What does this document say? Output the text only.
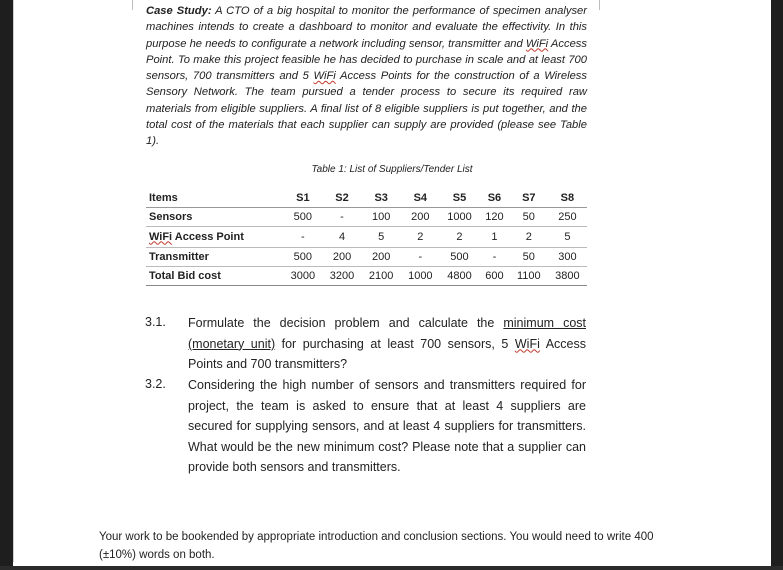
Case Study: A CTO of a big hospital to monitor the performance of specimen analyser machines intends to create a dashboard to monitor and evaluate the effectivity. In this purpose he needs to configurate a network including sensor, transmitter and WiFi Access Point. To make this project feasible he has decided to purchase in scale and at least 700 sensors, 700 transmitters and 5 WiFi Access Points for the construction of a Wireless Sensory Network. The team pursued a tender process to secure its required raw materials from eligible suppliers. A final list of 8 eligible suppliers is put together, and the total cost of the materials that each supplier can supply are provided (please see Table 1).
Table 1: List of Suppliers/Tender List
Items	S1	S2	S3	S4	S5	S6	S7	S8
Sensors	500	-	100	200	1000	120	50	250
WiFi Access Point	-	4	5	2	2	1	2	5
Transmitter	500	200	200	-	500	-	50	300
Total Bid cost	3000	3200	2100	1000	4800	600	1100	3800
3.1. Formulate the decision problem and calculate the minimum cost (monetary unit) for purchasing at least 700 sensors, 5 WiFi Access Points and 700 transmitters?
3.2. Considering the high number of sensors and transmitters required for project, the team is asked to ensure that at least 4 suppliers are secured for supplying sensors, and at least 4 suppliers for transmitters. What would be the new minimum cost? Please note that a supplier can provide both sensors and transmitters.
Your work to be bookended by appropriate introduction and conclusion sections. You would need to write 400 (±10%) words on both.
